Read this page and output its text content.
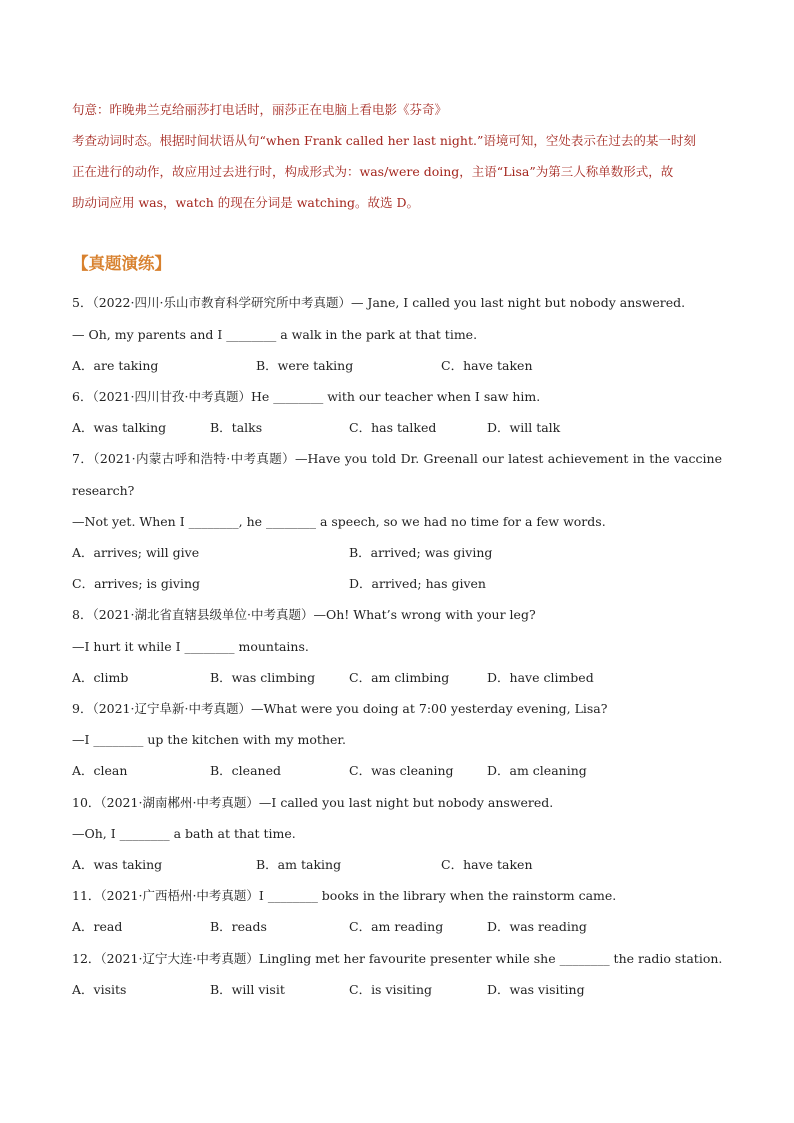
句意：昨晚弗兰克给丽莎打电话时，丽莎正在电脑上看电影《芬奇》
考查动词时态。根据时间状语从句“when Frank called her last night.”语境可知，空处表示在过去的某一时刻
正在进行的动作，故应用过去进行时，构成形式为：was/were doing，主语“Lisa”为第三人称单数形式，故
助动词应用 was，watch 的现在分词是 watching。故选 D。
【真题演练】
5．（2022·四川·乐山市教育科学研究所中考真题）— Jane, I called you last night but nobody answered.
— Oh, my parents and I ________ a walk in the park at that time.
A．are taking	B．were taking	C．have taken
6．（2021·四川甘孜·中考真题）He ________ with our teacher when I saw him.
A．was talking	B．talks	C．has talked	D．will talk
7．（2021·内蒙古呼和浩特·中考真题）—Have you told Dr. Greenall our latest achievement in the vaccine
research?
—Not yet. When I ________, he ________ a speech, so we had no time for a few words.
A．arrives; will give	B．arrived; was giving
C．arrives; is giving	D．arrived; has given
8．（2021·湖北省直辖县级单位·中考真题）—Oh! What’s wrong with your leg?
—I hurt it while I ________ mountains.
A．climb	B．was climbing	C．am climbing	D．have climbed
9．（2021·辽宁阜新·中考真题）—What were you doing at 7:00 yesterday evening, Lisa?
—I ________ up the kitchen with my mother.
A．clean	B．cleaned	C．was cleaning	D．am cleaning
10．（2021·湖南郴州·中考真题）—I called you last night but nobody answered.
—Oh, I ________ a bath at that time.
A．was taking	B．am taking	C．have taken
11．（2021·广西梧州·中考真题）I ________ books in the library when the rainstorm came.
A．read	B．reads	C．am reading	D．was reading
12．（2021·辽宁大连·中考真题）Lingling met her favourite presenter while she ________ the radio station.
A．visits	B．will visit	C．is visiting	D．was visiting
